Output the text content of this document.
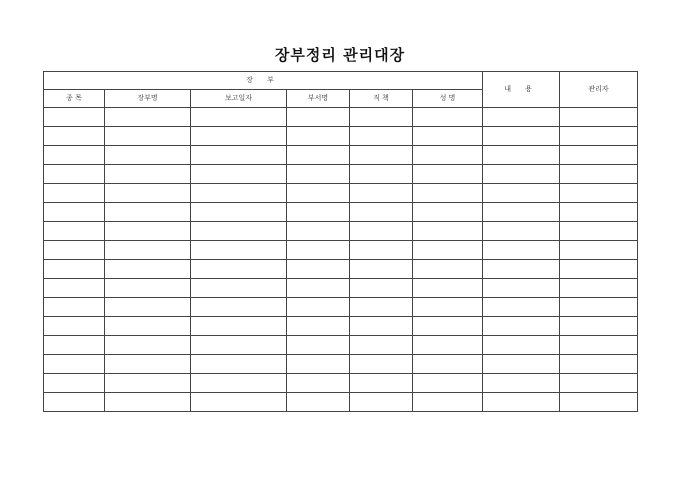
장부정리 관리대장
장 부						내 용	관리자
종 목	장부명	보고일자	부서명	직 책	성 명		
